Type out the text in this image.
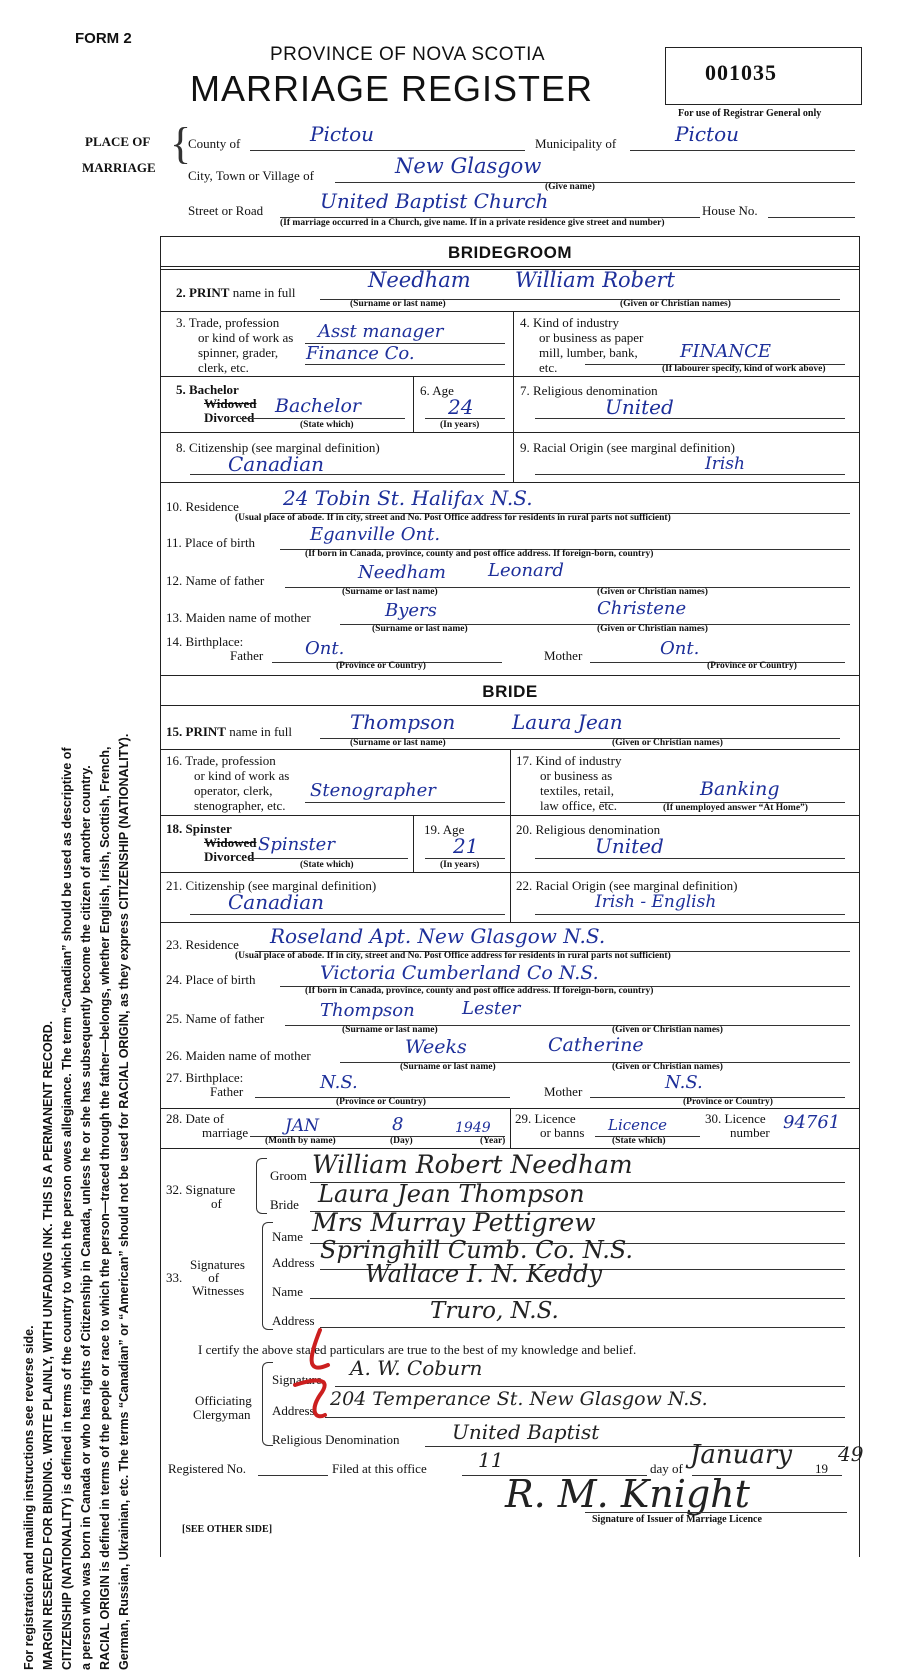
FORM 2
PROVINCE OF NOVA SCOTIA
MARRIAGE REGISTER	001035
For use of Registrar General only
For registration and mailing instructions see reverse side. MARGIN RESERVED FOR BINDING. WRITE PLAINLY, WITH UNFADING INK. THIS IS A PERMANENT RECORD. CITIZENSHIP (NATIONALITY) is defined in terms of the country to which the person owes allegiance. The term “Canadian” should be used as descriptive of a person who was born in Canada or who has rights of Citizenship in Canada, unless he or she has subsequently become the citizen of another country. RACIAL ORIGIN is defined in terms of the people or race to which the person—traced through the father—belongs, whether English, Irish, Scottish, French, German, Russian, Ukrainian, etc. The terms “Canadian” or “American” should not be used for RACIAL ORIGIN, as they express CITIZENSHIP (NATIONALITY).
PLACE OF
MARRIAGE {
County of	Pictou	Municipality of	Pictou
City, Town or Village of	New Glasgow
(Give name)
Street or Road	United Baptist Church	House No.
(If marriage occurred in a Church, give name. If in a private residence give street and number)
BRIDEGROOM
2. PRINT name in full
Needham William Robert
(Surname or last name)	(Given or Christian names)
3. Trade, profession
or kind of work as
spinner, grader,
clerk, etc.
Asst manager
Finance Co.
4. Kind of industry
or business as paper
mill, lumber, bank,
etc.
FINANCE
(If labourer specify, kind of work above)
5. Bachelor
Widowed
Divorced
Bachelor
(State which)
6. Age
24
(In years)
7. Religious denomination
United
8. Citizenship (see marginal definition)
Canadian
9. Racial Origin (see marginal definition)
Irish
10. Residence 24 Tobin St. Halifax N.S.
(Usual place of abode. If in city, street and No. Post Office address for residents in rural parts not sufficient)
11. Place of birth	Eganville Ont.
(If born in Canada, province, county and post office address. If foreign-born, country)
12. Name of father	Needham Leonard
(Surname or last name)	(Given or Christian names)
13. Maiden name of mother	Byers	Christene
(Surname or last name)	(Given or Christian names)
14. Birthplace:
Father Ont.
(Province or Country)
Mother	Ont.
(Province or Country)
BRIDE
15. PRINT name in full	Thompson	Laura Jean
(Surname or last name)	(Given or Christian names)
16. Trade, profession
or kind of work as
operator, clerk,
stenographer, etc.
Stenographer
17. Kind of industry
or business as
textiles, retail,
law office, etc.
Banking
(If unemployed answer “At Home”)
18. Spinster
Widowed
Divorced
Spinster
(State which)
19. Age
21
(In years)
20. Religious denomination
United
21. Citizenship (see marginal definition)
Canadian
22. Racial Origin (see marginal definition)
Irish - English
23. Residence Roseland Apt. New Glasgow N.S.
(Usual place of abode. If in city, street and No. Post Office address for residents in rural parts not sufficient)
24. Place of birth	Victoria Cumberland Co N.S.
(If born in Canada, province, county and post office address. If foreign-born, country)
25. Name of father	Thompson	Lester
(Surname or last name)	(Given or Christian names)
26. Maiden name of mother	Weeks	Catherine
(Surname or last name)	(Given or Christian names)
27. Birthplace:
Father	N.S.
(Province or Country)
Mother	N.S.
(Province or Country)
28. Date of
marriage JAN	8	1949
(Month by name)	(Day)	(Year)
29. Licence
or banns Licence
(State which)
30. Licence
number 94761
32. Signature
of
Groom William Robert Needham
Bride Laura Jean Thompson
Signatures
33.        of
Witnesses
Name Mrs Murray Pettigrew
Address Springhill Cumb. Co. N.S.
Name
Wallace I. N. Keddy
Address	Truro, N.S.
I certify the above stated particulars are true to the best of my knowledge and belief.
Officiating
Clergyman
Signature A. W. Coburn
Address
204 Temperance St. New Glasgow N.S.
Religious Denomination	United Baptist
Registered No.	Filed at this office	11	day of January 19
49
R. M. Knight
Signature of Issuer of Marriage Licence
[SEE OTHER SIDE]
